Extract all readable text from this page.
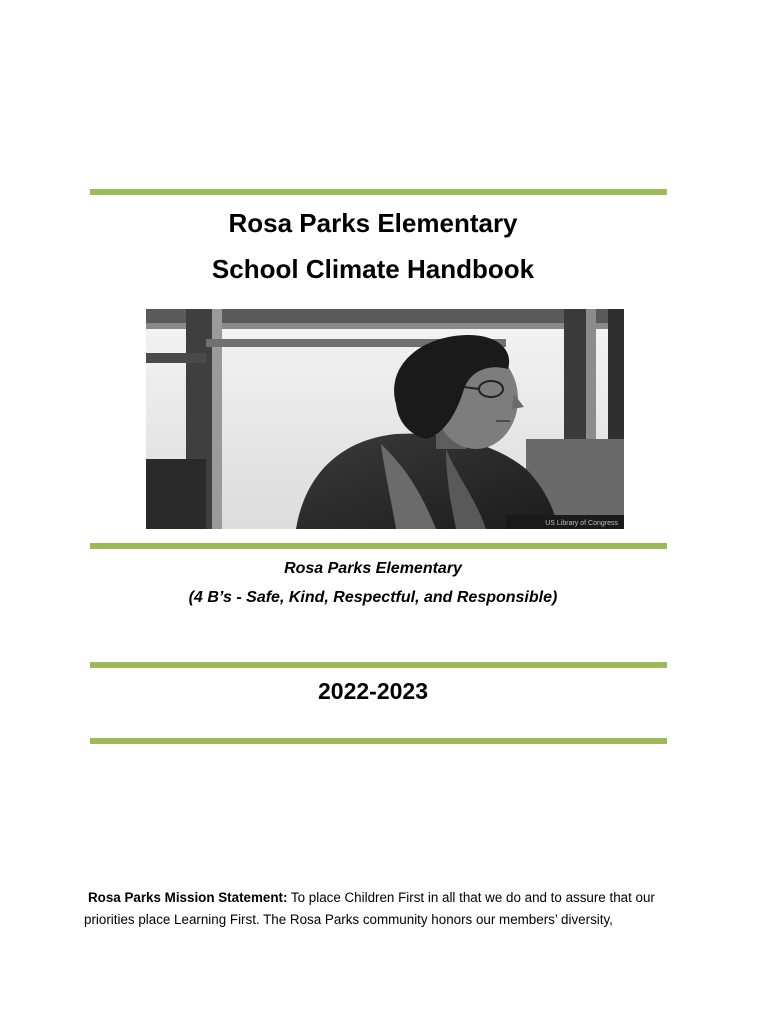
Rosa Parks Elementary
School Climate Handbook
US Library of Congress
Rosa Parks Elementary
(4 B’s - Safe, Kind, Respectful, and Responsible)
2022-2023
Rosa Parks Mission Statement: To place Children First in all that we do and to assure that our
priorities place Learning First. The Rosa Parks community honors our members’ diversity,
